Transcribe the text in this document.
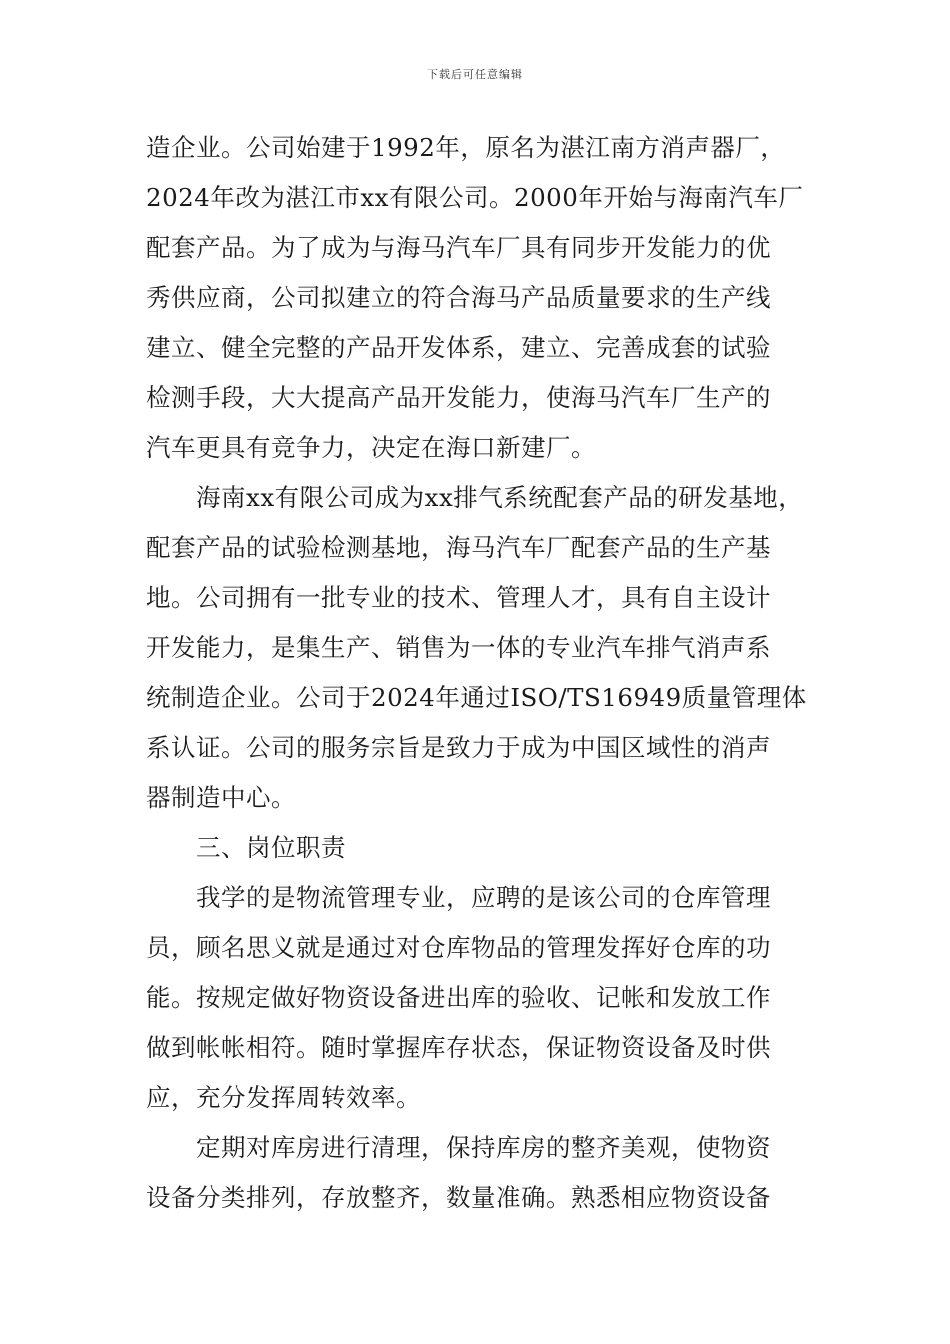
下载后可任意编辑
造企业。公司始建于1992年，原名为湛江南方消声器厂，
2024年改为湛江市xx有限公司。2000年开始与海南汽车厂
配套产品。为了成为与海马汽车厂具有同步开发能力的优
秀供应商，公司拟建立的符合海马产品质量要求的生产线
建立、健全完整的产品开发体系，建立、完善成套的试验
检测手段，大大提高产品开发能力，使海马汽车厂生产的
汽车更具有竞争力，决定在海口新建厂。
海南xx有限公司成为xx排气系统配套产品的研发基地，
配套产品的试验检测基地，海马汽车厂配套产品的生产基
地。公司拥有一批专业的技术、管理人才，具有自主设计
开发能力，是集生产、销售为一体的专业汽车排气消声系
统制造企业。公司于2024年通过ISO/TS16949质量管理体
系认证。公司的服务宗旨是致力于成为中国区域性的消声
器制造中心。
三、岗位职责
我学的是物流管理专业，应聘的是该公司的仓库管理
员，顾名思义就是通过对仓库物品的管理发挥好仓库的功
能。按规定做好物资设备进出库的验收、记帐和发放工作
做到帐帐相符。随时掌握库存状态，保证物资设备及时供
应，充分发挥周转效率。
定期对库房进行清理，保持库房的整齐美观，使物资
设备分类排列，存放整齐，数量准确。熟悉相应物资设备
